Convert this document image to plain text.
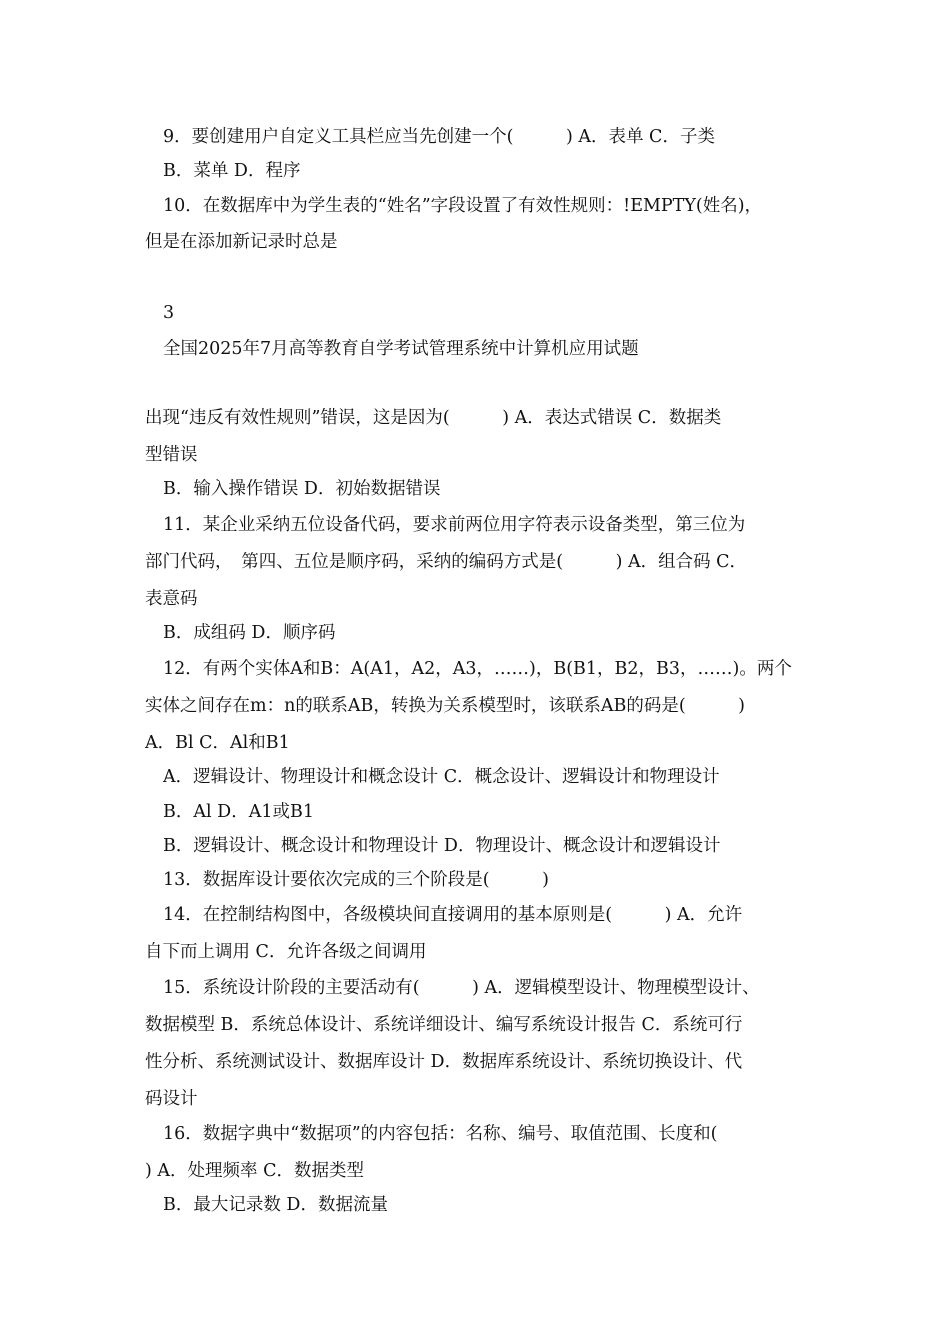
9．要创建用户自定义工具栏应当先创建一个(　　　) A．表单 C．子类
B．菜单 D．程序
10．在数据库中为学生表的“姓名”字段设置了有效性规则：!EMPTY(姓名)，
但是在添加新记录时总是
3
全国2025年7月高等教育自学考试管理系统中计算机应用试题
出现“违反有效性规则”错误，这是因为(　　　) A．表达式错误 C．数据类
型错误
B．输入操作错误 D．初始数据错误
11．某企业采纳五位设备代码，要求前两位用字符表示设备类型，第三位为
部门代码，　第四、五位是顺序码，采纳的编码方式是(　　　) A．组合码 C．
表意码
B．成组码 D．顺序码
12．有两个实体A和B：A(A1，A2，A3，……)，B(B1，B2，B3，……)。两个
实体之间存在m：n的联系AB，转换为关系模型时，该联系AB的码是(　　　)
A．Bl C．Al和B1
A．逻辑设计、物理设计和概念设计 C．概念设计、逻辑设计和物理设计
B．Al D．A1或B1
B．逻辑设计、概念设计和物理设计 D．物理设计、概念设计和逻辑设计
13．数据库设计要依次完成的三个阶段是(　　　)
14．在控制结构图中，各级模块间直接调用的基本原则是(　　　) A．允许
自下而上调用 C．允许各级之间调用
15．系统设计阶段的主要活动有(　　　) A．逻辑模型设计、物理模型设计、
数据模型 B．系统总体设计、系统详细设计、编写系统设计报告 C．系统可行
性分析、系统测试设计、数据库设计 D．数据库系统设计、系统切换设计、代
码设计
16．数据字典中“数据项”的内容包括：名称、编号、取值范围、长度和(
) A．处理频率 C．数据类型
B．最大记录数 D．数据流量
